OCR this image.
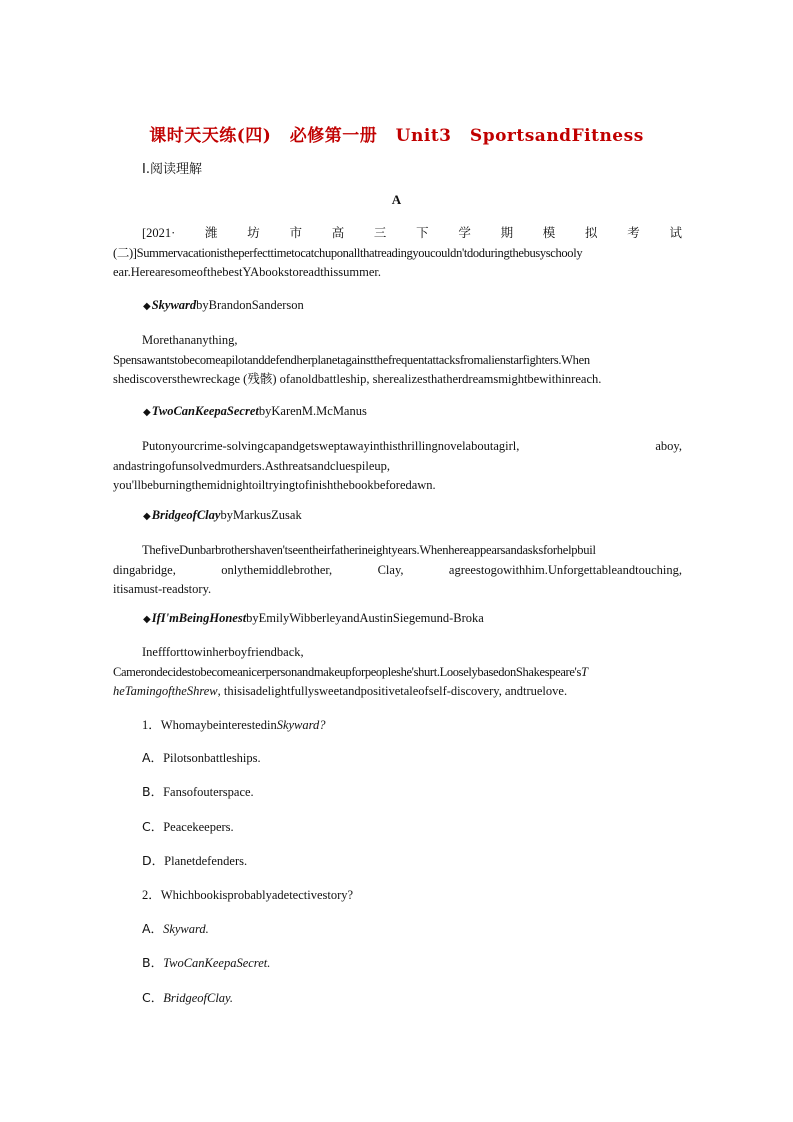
课时天天练(四) 必修第一册 Unit3 SportsandFitness
Ⅰ.阅读理解
A
[2021· 潍 坊 市 高 三 下 学 期 模 拟 考 试
(二)]Summervacationistheperfecttimetocatchuponallthatreadingyoucouldn'tdoduringthebusyschooly
ear.HerearesomeofthebestYAbookstoreadthissummer.
◆SkywardbyBrandonSanderson
Morethananything,
Spensawantstobecomeapilotanddefendherplanetagainstthefrequentattacksfromalienstarfighters.When
shediscoversthewreckage (残骸) ofanoldbattleship, sherealizesthatherdreamsmightbewithinreach.
◆TwoCanKeepaSecretbyKarenM.McManus
Putonyourcrime-solvingcapandgetsweptawayinthisthrillingnovelaboutagirl,	aboy,
andastringofunsolvedmurders.Asthreatsandcluespileup,
you'llbeburningthemidnightoiltryingtofinishthebookbeforedawn.
◆BridgeofClaybyMarkusZusak
ThefiveDunbarbrothershaven'tseentheirfatherineightyears.Whenhereappearsandasksforhelpbuil
dingabridge,	onlythemiddlebrother,	Clay,	agreestogowithhim.Unforgettableandtouching,
itisamust-readstory.
◆IfI'mBeingHonestbyEmilyWibberleyandAustinSiegemund-Broka
Ineffforttowinherboyfriendback,
Camerondecidestobecomeanicerpersonandmakeupforpeopleshe'shurt.LooselybasedonShakespeare'sT
heTamingoftheShrew, thisisadelightfullysweetandpositivetaleofself-discovery, andtruelove.
1．WhomaybeinterestedinSkyward?
A．Pilotsonbattleships.
B．Fansofouterspace.
C．Peacekeepers.
D．Planetdefenders.
2．Whichbookisprobablyadetectivestory?
A．Skyward.
B．TwoCanKeepaSecret.
C．BridgeofClay.
